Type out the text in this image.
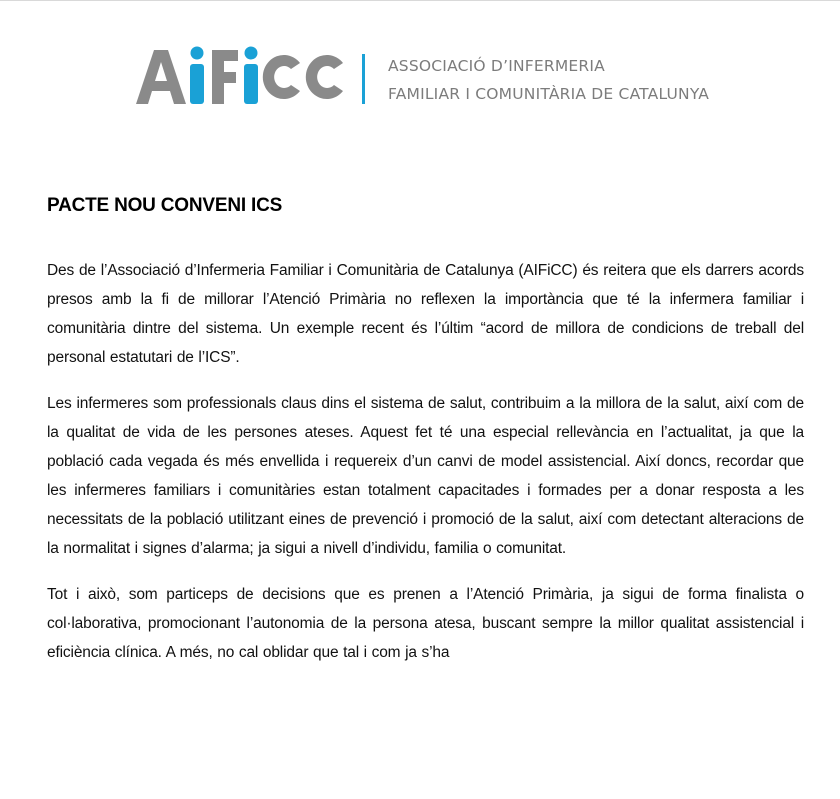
ASSOCIACIÓ D’INFERMERIA
FAMILIAR I COMUNITÀRIA DE CATALUNYA
PACTE NOU CONVENI ICS

Des de l’Associació d’Infermeria Familiar i Comunitària de Catalunya (AIFiCC) és reitera que els darrers acords presos amb la fi de millorar l’Atenció Primària no reflexen la importància que té la infermera familiar i comunitària dintre del sistema. Un exemple recent és l’últim “acord de millora de condicions de treball del personal estatutari de l’ICS”.

Les infermeres som professionals claus dins el sistema de salut, contribuim a la millora de la salut, així com de la qualitat de vida de les persones ateses. Aquest fet té una especial rellevància en l’actualitat, ja que la població cada vegada és més envellida i requereix d’un canvi de model assistencial. Així doncs, recordar que les infermeres familiars i comunitàries estan totalment capacitades i formades per a donar resposta a les necessitats de la població utilitzant eines de prevenció i promoció de la salut, així com detectant alteracions de la normalitat i signes d’alarma; ja sigui a nivell d’individu, familia o comunitat.

Tot i això, som particeps de decisions que es prenen a l’Atenció Primària, ja sigui de forma finalista o col·laborativa, promocionant l’autonomia de la persona atesa, buscant sempre la millor qualitat assistencial i eficiència clínica. A més, no cal oblidar que tal i com ja s’ha
